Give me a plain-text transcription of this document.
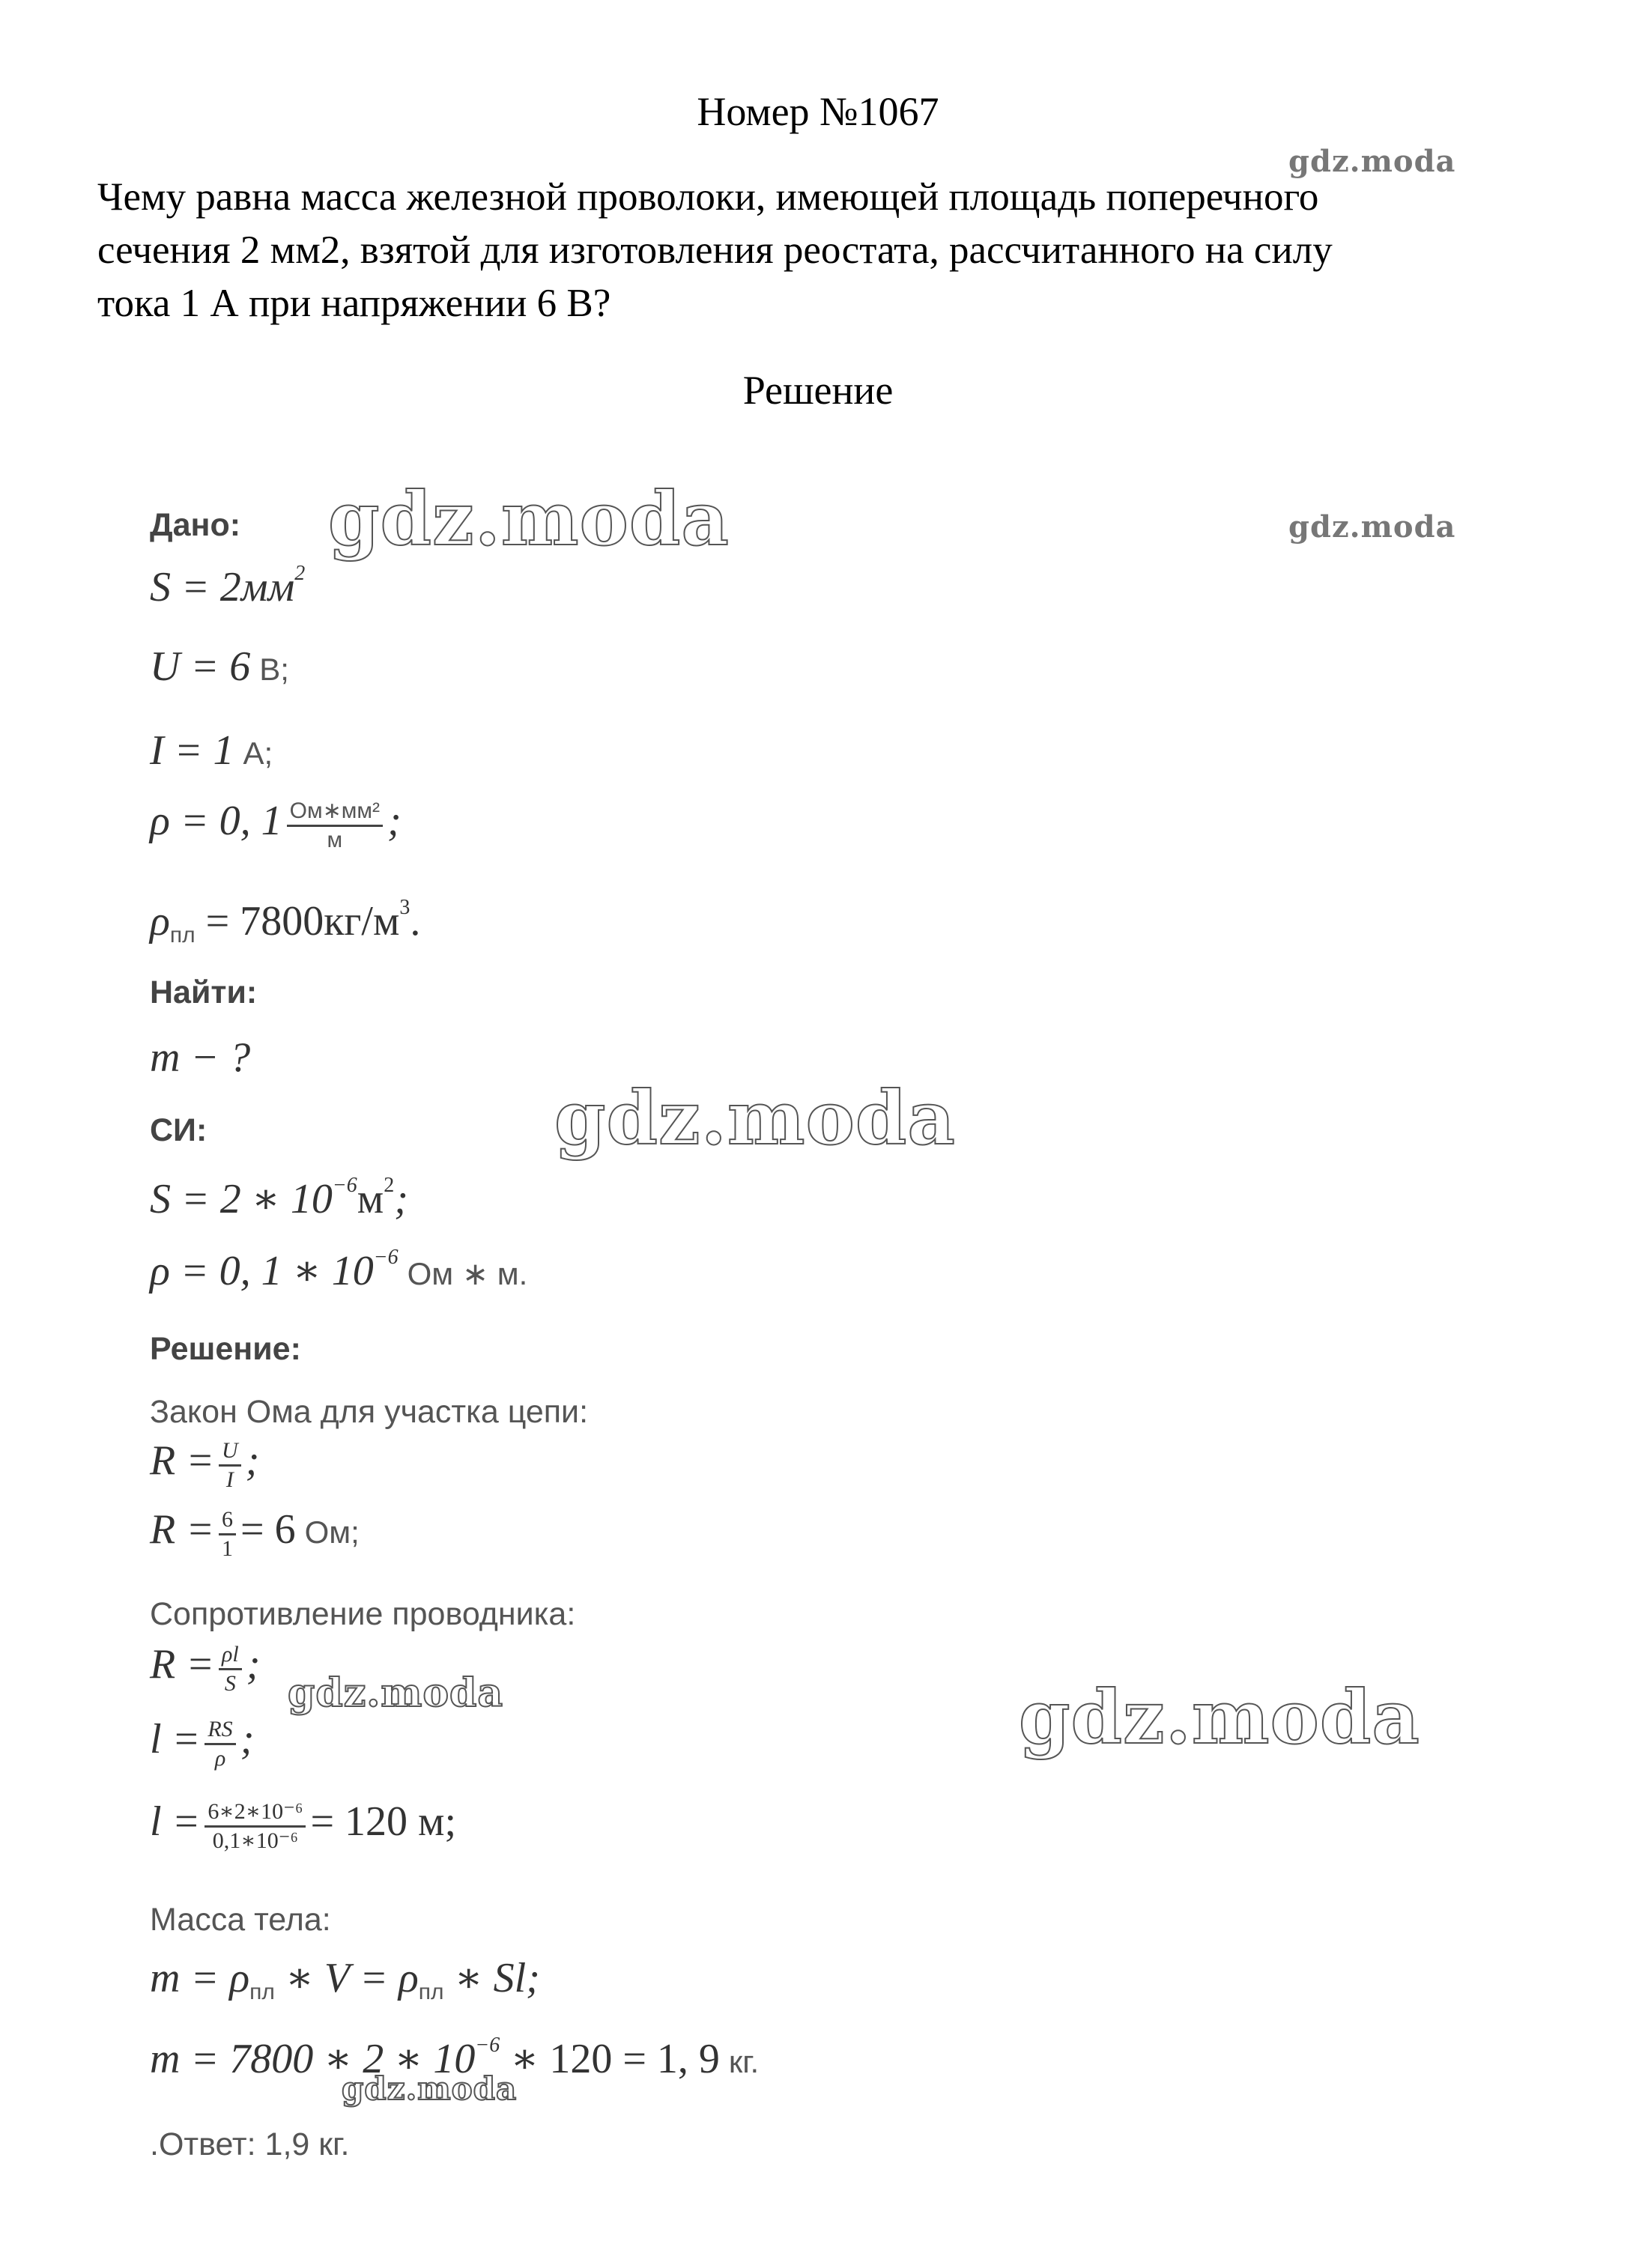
Номер №1067

Чему равна масса железной проволоки, имеющей площадь поперечного

сечения 2 мм2, взятой для изготовления реостата, рассчитанного на силу

тока 1 А при напряжении 6 В?

Решение
Дано:
$S = 2мм^2$
U = 6 В;
I = 1 А;
ρ = 0, $1 \frac{\text{Ом∗мм²}}{м}$ ;
$\rho_{пл} = 7800кг/м^3$.
Найти:
m − ?
СИ:
S = 2 ∗ $10^{-6}м^2$;
ρ = 0, 1 ∗ $10^{-6}$ Ом ∗ м.
Решение:
Закон Ома для участка цепи:
$R = \frac{U}{I}$ ;
$R = \frac{6}{1} = 6$ Ом;
Сопротивление проводника:
$R = \frac{\rho l}{S}$ ;
$l = \frac{RS}{\rho}$ ;
$l = \frac{\text{6∗2∗10⁻⁶}}{\text{0,1∗10⁻⁶}} = 120$ м;
Масса тела:
$m = \rho_{пл}$ ∗ $V = \rho_{пл}$ ∗ Sl;
m = 7800 ∗ 2 ∗ $10^{-6}$ ∗ 120 = 1, 9 кг.
.Ответ: 1,9 кг.
gdz.moda
gdz.moda	gdz.moda
gdz.moda
gdz.moda	gdz.moda
gdz.moda
